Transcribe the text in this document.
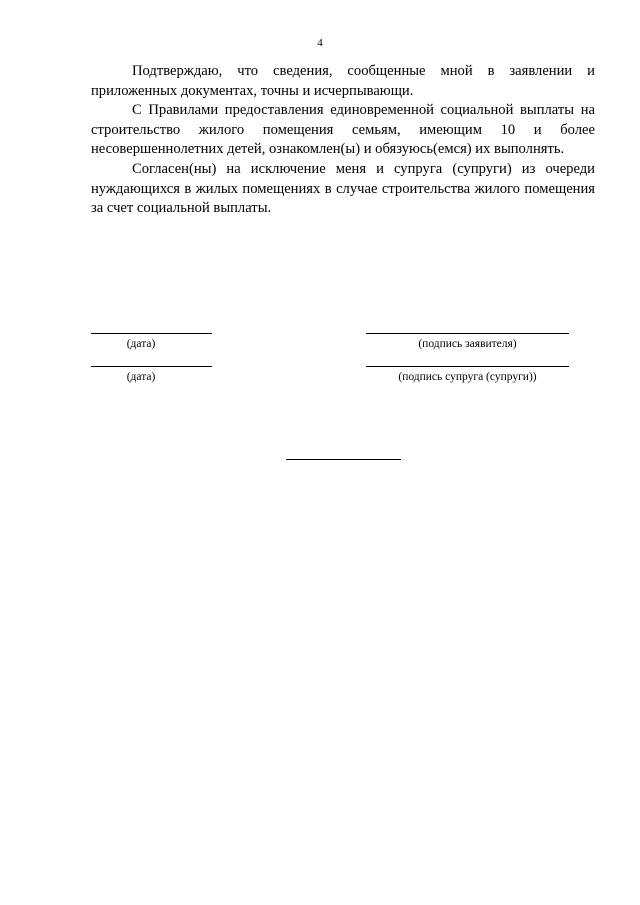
4

Подтверждаю, что сведения, сообщенные мной в заявлении и приложенных документах, точны и исчерпывающи.

С Правилами предоставления единовременной социальной выплаты на строительство жилого помещения семьям, имеющим 10 и более несовершеннолетних детей, ознакомлен(ы) и обязуюсь(емся) их выполнять.

Согласен(ны) на исключение меня и супруга (супруги) из очереди нуждающихся в жилых помещениях в случае строительства жилого помещения за счет социальной выплаты.

(дата)	(подпись заявителя)
(дата)	(подпись супруга (супруги))
